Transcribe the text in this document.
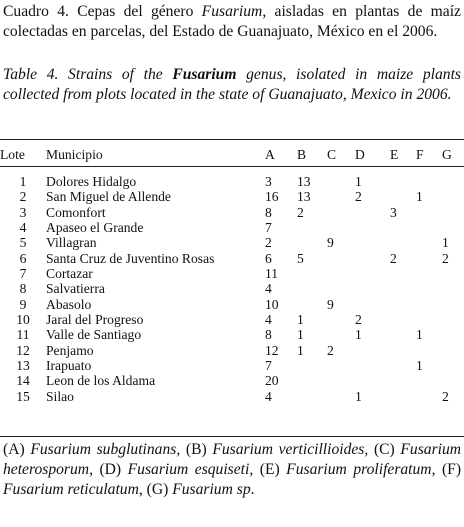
Cuadro 4. Cepas del género Fusarium, aisladas en plantas de maíz colectadas en parcelas, del Estado de Guanajuato, México en el 2006.
Table 4. Strains of the Fusarium genus, isolated in maize plants collected from plots located in the state of Guanajuato, Mexico in 2006.
Lote	Municipio	A	B	C	D	E	F	G
1	Dolores Hidalgo	3	13		1			
2	San Miguel de Allende	16	13		2		1	
3	Comonfort	8	2			3		
4	Apaseo el Grande	7						
5	Villagran	2		9				1
6	Santa Cruz de Juventino Rosas	6	5			2		2
7	Cortazar	11						
8	Salvatierra	4						
9	Abasolo	10		9				
10	Jaral del Progreso	4	1		2			
11	Valle de Santiago	8	1		1		1	
12	Penjamo	12	1	2				
13	Irapuato	7					1	
14	Leon de los Aldama	20						
15	Silao	4			1			2
(A) Fusarium subglutinans, (B) Fusarium verticillioides, (C) Fusarium heterosporum, (D) Fusarium esquiseti, (E) Fusarium proliferatum, (F) Fusarium reticulatum, (G) Fusarium sp.
